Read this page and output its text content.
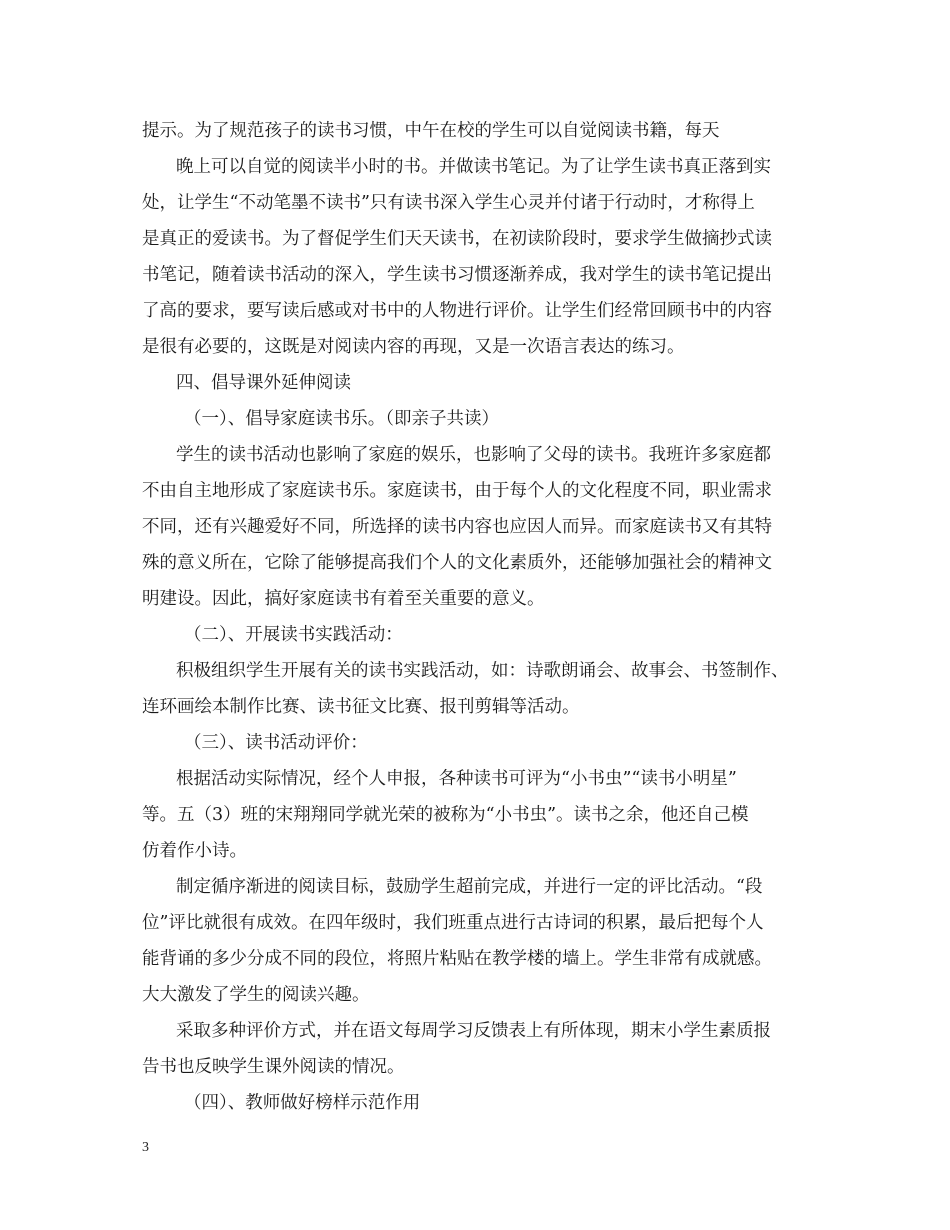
提示。为了规范孩子的读书习惯，中午在校的学生可以自觉阅读书籍，每天
晚上可以自觉的阅读半小时的书。并做读书笔记。为了让学生读书真正落到实
处，让学生“不动笔墨不读书”只有读书深入学生心灵并付诸于行动时，才称得上
是真正的爱读书。为了督促学生们天天读书，在初读阶段时，要求学生做摘抄式读
书笔记，随着读书活动的深入，学生读书习惯逐渐养成，我对学生的读书笔记提出
了高的要求，要写读后感或对书中的人物进行评价。让学生们经常回顾书中的内容
是很有必要的，这既是对阅读内容的再现，又是一次语言表达的练习。
四、倡导课外延伸阅读
（一）、倡导家庭读书乐。（即亲子共读）
学生的读书活动也影响了家庭的娱乐，也影响了父母的读书。我班许多家庭都
不由自主地形成了家庭读书乐。家庭读书，由于每个人的文化程度不同，职业需求
不同，还有兴趣爱好不同，所选择的读书内容也应因人而异。而家庭读书又有其特
殊的意义所在，它除了能够提高我们个人的文化素质外，还能够加强社会的精神文
明建设。因此，搞好家庭读书有着至关重要的意义。
（二）、开展读书实践活动：
积极组织学生开展有关的读书实践活动，如：诗歌朗诵会、故事会、书签制作、
连环画绘本制作比赛、读书征文比赛、报刊剪辑等活动。
（三）、读书活动评价：
根据活动实际情况，经个人申报，各种读书可评为“小书虫”“读书小明星”
等。五（3）班的宋翔翔同学就光荣的被称为“小书虫”。读书之余，他还自己模
仿着作小诗。
制定循序渐进的阅读目标，鼓励学生超前完成，并进行一定的评比活动。“段
位”评比就很有成效。在四年级时，我们班重点进行古诗词的积累，最后把每个人
能背诵的多少分成不同的段位，将照片粘贴在教学楼的墙上。学生非常有成就感。
大大激发了学生的阅读兴趣。
采取多种评价方式，并在语文每周学习反馈表上有所体现，期末小学生素质报
告书也反映学生课外阅读的情况。
（四）、教师做好榜样示范作用
3
